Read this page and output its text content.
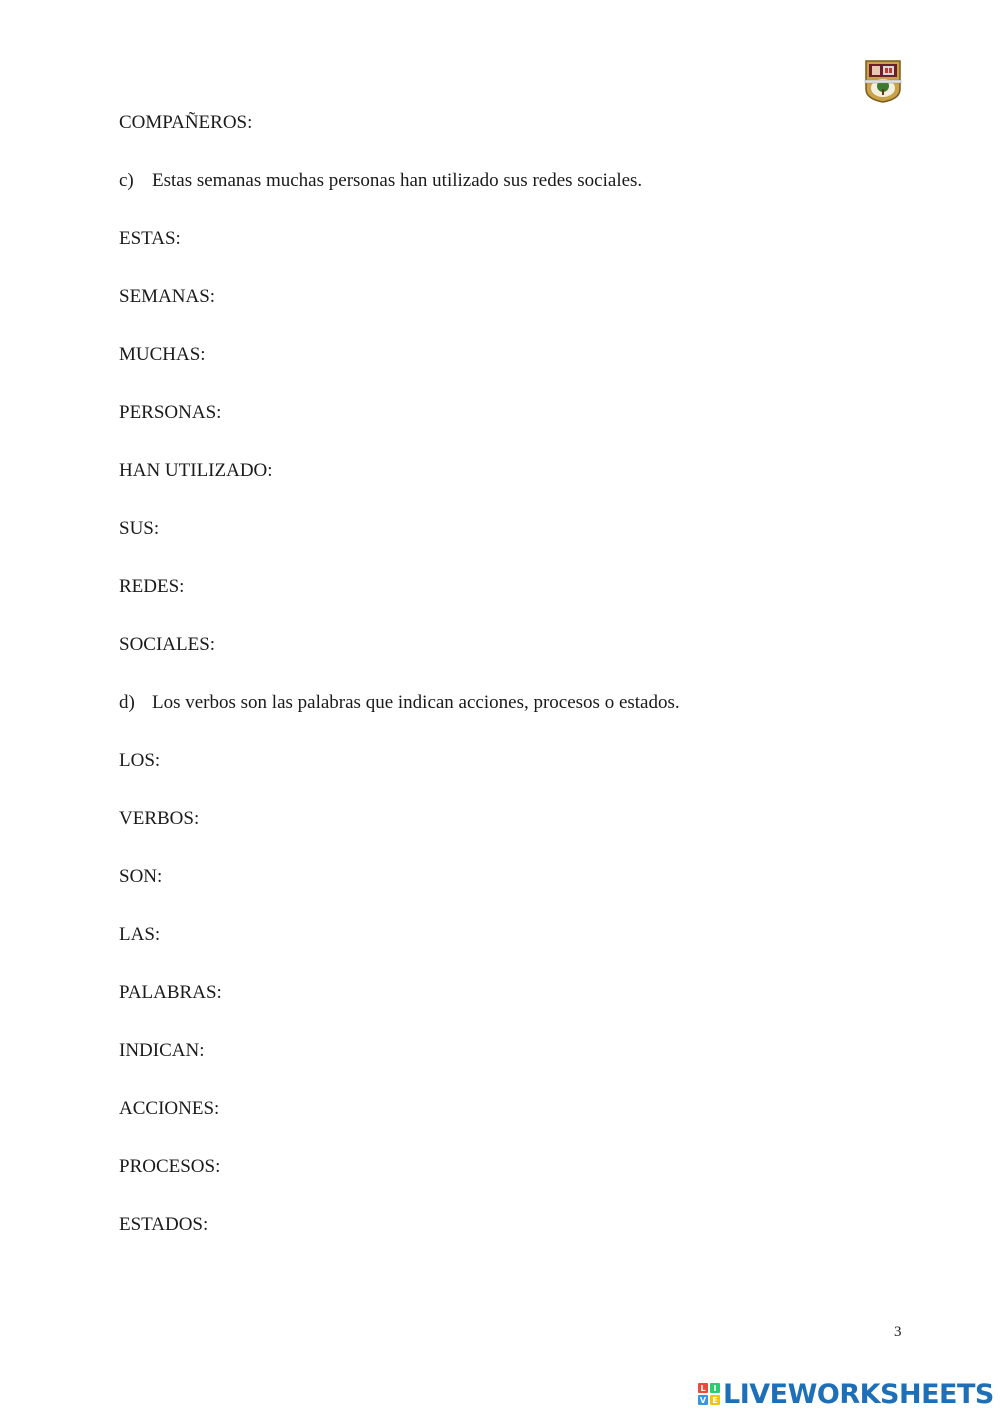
COMPAÑEROS:
c) Estas semanas muchas personas han utilizado sus redes sociales.
ESTAS:
SEMANAS:
MUCHAS:
PERSONAS:
HAN UTILIZADO:
SUS:
REDES:
SOCIALES:
d) Los verbos son las palabras que indican acciones, procesos o estados.
LOS:
VERBOS:
SON:
LAS:
PALABRAS:
INDICAN:
ACCIONES:
PROCESOS:
ESTADOS:
3
L I
V E LIVEWORKSHEETS
